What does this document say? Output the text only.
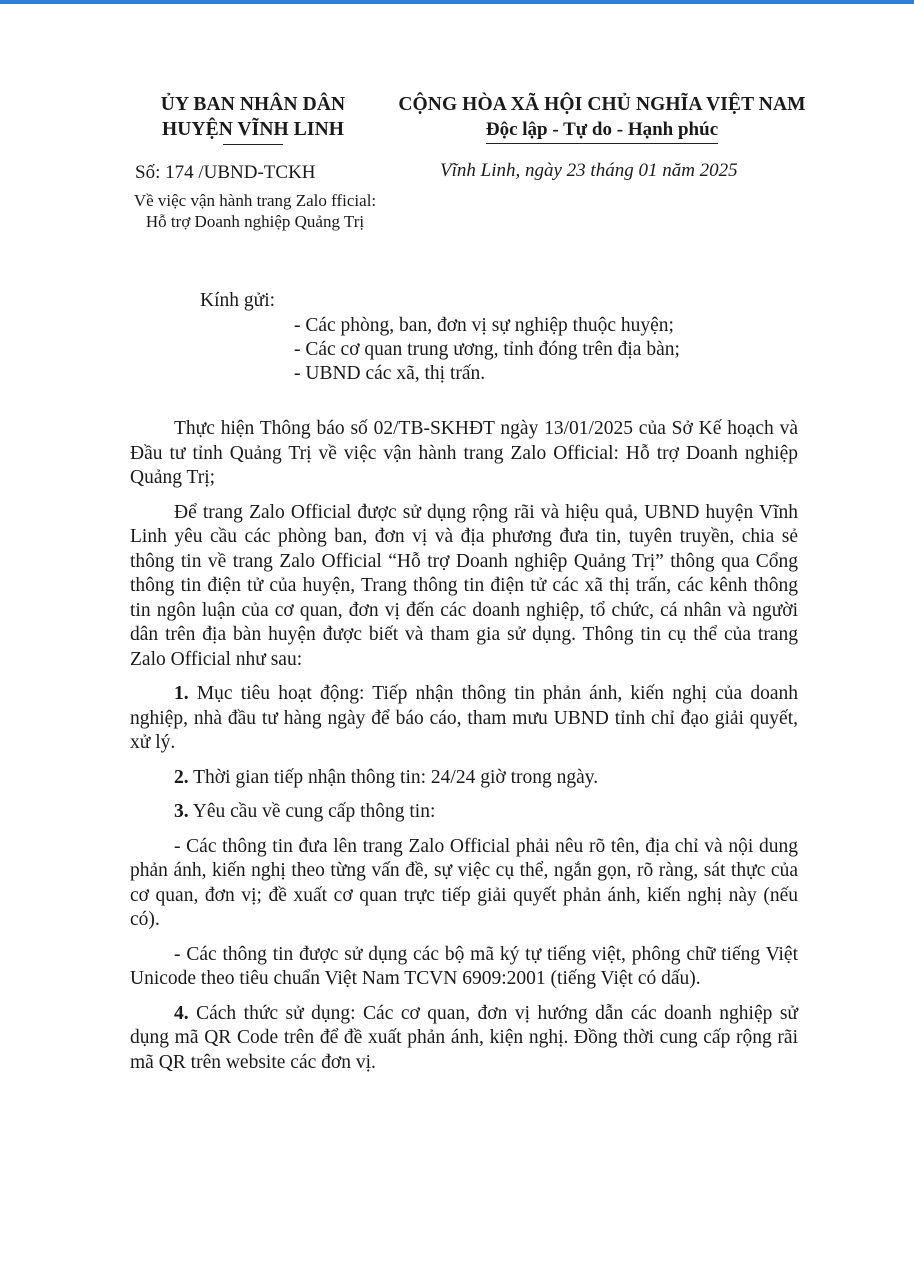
ỦY BAN NHÂN DÂN
HUYỆN VĨNH LINH
CỘNG HÒA XÃ HỘI CHỦ NGHĨA VIỆT NAM
Độc lập - Tự do - Hạnh phúc
Số: 174 /UBND-TCKH	Vĩnh Linh, ngày 23 tháng 01 năm 2025
Về việc vận hành trang Zalo fficial:
Hỗ trợ Doanh nghiệp Quảng Trị
Kính gửi:
- Các phòng, ban, đơn vị sự nghiệp thuộc huyện;
- Các cơ quan trung ương, tỉnh đóng trên địa bàn;
- UBND các xã, thị trấn.

Thực hiện Thông báo số 02/TB-SKHĐT ngày 13/01/2025 của Sở Kế hoạch và Đầu tư tỉnh Quảng Trị về việc vận hành trang Zalo Official: Hỗ trợ Doanh nghiệp Quảng Trị;

Để trang Zalo Official được sử dụng rộng rãi và hiệu quả, UBND huyện Vĩnh Linh yêu cầu các phòng ban, đơn vị và địa phương đưa tin, tuyên truyền, chia sẻ thông tin về trang Zalo Official “Hỗ trợ Doanh nghiệp Quảng Trị” thông qua Cổng thông tin điện tử của huyện, Trang thông tin điện tử các xã thị trấn, các kênh thông tin ngôn luận của cơ quan, đơn vị đến các doanh nghiệp, tổ chức, cá nhân và người dân trên địa bàn huyện được biết và tham gia sử dụng. Thông tin cụ thể của trang Zalo Official như sau:

1. Mục tiêu hoạt động: Tiếp nhận thông tin phản ánh, kiến nghị của doanh nghiệp, nhà đầu tư hàng ngày để báo cáo, tham mưu UBND tỉnh chỉ đạo giải quyết, xử lý.

2. Thời gian tiếp nhận thông tin: 24/24 giờ trong ngày.

3. Yêu cầu về cung cấp thông tin:

- Các thông tin đưa lên trang Zalo Official phải nêu rõ tên, địa chỉ và nội dung phản ánh, kiến nghị theo từng vấn đề, sự việc cụ thể, ngắn gọn, rõ ràng, sát thực của cơ quan, đơn vị; đề xuất cơ quan trực tiếp giải quyết phản ánh, kiến nghị này (nếu có).

- Các thông tin được sử dụng các bộ mã ký tự tiếng việt, phông chữ tiếng Việt Unicode theo tiêu chuẩn Việt Nam TCVN 6909:2001 (tiếng Việt có dấu).

4. Cách thức sử dụng: Các cơ quan, đơn vị hướng dẫn các doanh nghiệp sử dụng mã QR Code trên để đề xuất phản ánh, kiện nghị. Đồng thời cung cấp rộng rãi mã QR trên website các đơn vị.
